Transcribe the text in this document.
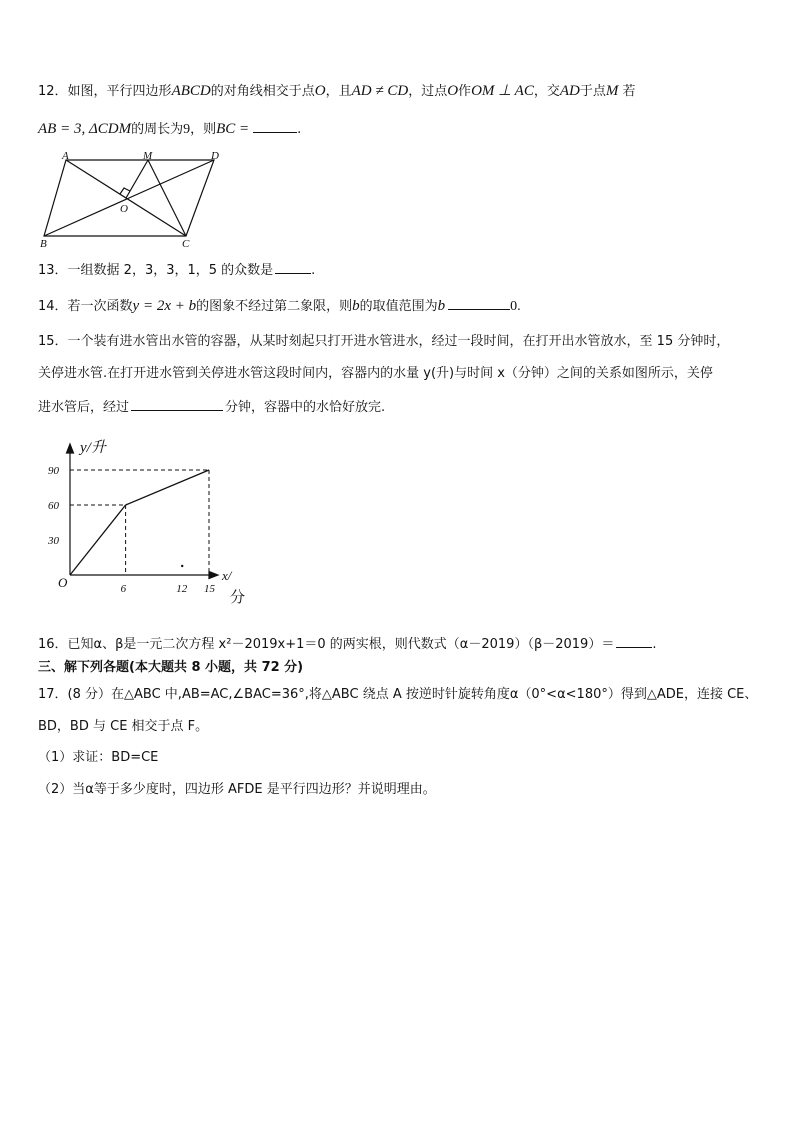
12．如图，平行四边形ABCD的对角线相交于点O，且AD ≠ CD，过点O作OM ⊥ AC，交AD于点M 若
AB = 3, ΔCDM的周长为9，则BC =	.
A	M	D
O
B	C
13．一组数据 2，3，3，1，5 的众数是	.
14．若一次函数y = 2x + b的图象不经过第二象限，则b的取值范围为b	0.
15．一个装有进水管出水管的容器，从某时刻起只打开进水管进水，经过一段时间，在打开出水管放水，至 15 分钟时，
关停进水管.在打开进水管到关停进水管这段时间内，容器内的水量 y(升)与时间 x（分钟）之间的关系如图所示，关停
进水管后，经过	分钟，容器中的水恰好放完.
30
60
90
6	12 15
y/升
x/
分
O
16．已知α、β是一元二次方程 x²－2019x+1＝0 的两实根，则代数式（α－2019）（β－2019）＝	.
三、解下列各题(本大题共 8 小题，共 72 分)
17．(8 分）在△ABC 中,AB=AC,∠BAC=36°,将△ABC 绕点 A 按逆时针旋转角度α（0°<α<180°）得到△ADE，连接 CE、
BD，BD 与 CE 相交于点 F。
（1）求证：BD=CE
（2）当α等于多少度时，四边形 AFDE 是平行四边形？并说明理由。
